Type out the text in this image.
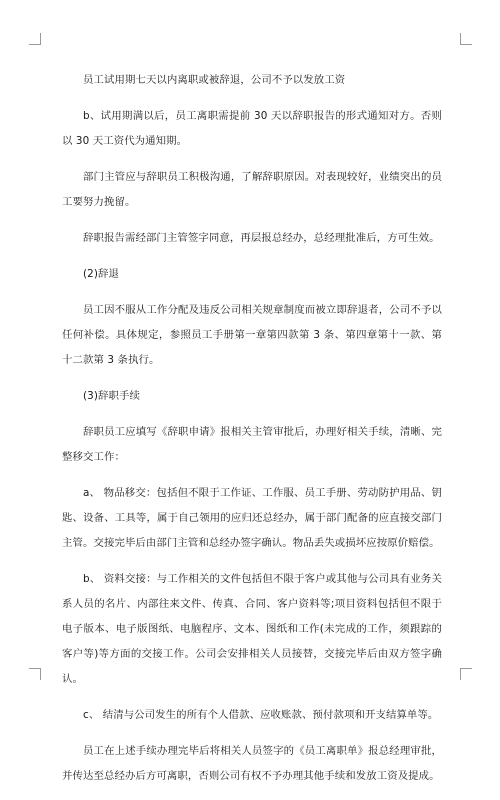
员工试用期七天以内离职或被辞退，公司不予以发放工资

b、试用期满以后，员工离职需提前 30 天以辞职报告的形式通知对方。否则以 30 天工资代为通知期。

部门主管应与辞职员工积极沟通，了解辞职原因。对表现较好，业绩突出的员工要努力挽留。

辞职报告需经部门主管签字同意，再层报总经办，总经理批准后，方可生效。

(2)辞退

员工因不服从工作分配及违反公司相关规章制度而被立即辞退者，公司不予以任何补偿。具体规定，参照员工手册第一章第四款第 3 条、第四章第十一款、第十二款第 3 条执行。

(3)辞职手续

辞职员工应填写《辞职申请》报相关主管审批后，办理好相关手续，清晰、完整移交工作：

a、 物品移交：包括但不限于工作证、工作服、员工手册、劳动防护用品、钥匙、设备、工具等，属于自己领用的应归还总经办，属于部门配备的应直接交部门主管。交接完毕后由部门主管和总经办签字确认。物品丢失或损坏应按原价赔偿。

b、 资料交接：与工作相关的文件包括但不限于客户或其他与公司具有业务关系人员的名片、内部往来文件、传真、合同、客户资料等;项目资料包括但不限于电子版本、电子版图纸、电脑程序、文本、图纸和工作(未完成的工作，须跟踪的客户等)等方面的交接工作。公司会安排相关人员接替，交接完毕后由双方签字确认。

c、 结清与公司发生的所有个人借款、应收账款、预付款项和开支结算单等。

员工在上述手续办理完毕后将相关人员签字的《员工离职单》报总经理审批，并传达至总经办后方可离职，否则公司有权不予办理其他手续和发放工资及提成。
